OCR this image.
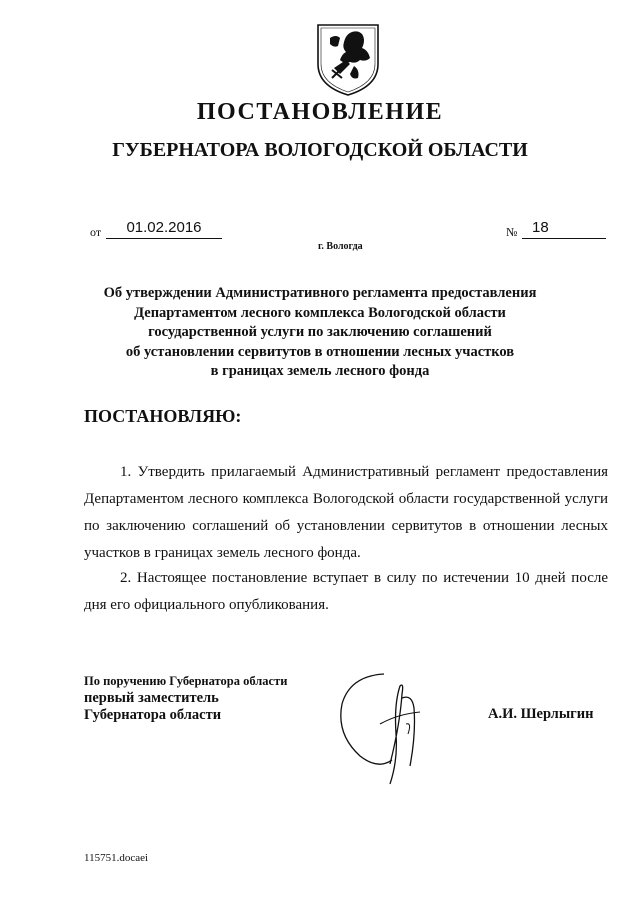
ПОСТАНОВЛЕНИЕ
ГУБЕРНАТОРА ВОЛОГОДСКОЙ ОБЛАСТИ
от	01.02.2016	№ 18
г. Вологда
Об утверждении Административного регламента предоставления
Департаментом лесного комплекса Вологодской области
государственной услуги по заключению соглашений
об установлении сервитутов в отношении лесных участков
в границах земель лесного фонда
ПОСТАНОВЛЯЮ:
1. Утвердить прилагаемый Административный регламент предоставления Департаментом лесного комплекса Вологодской области государственной услуги по заключению соглашений об установлении сервитутов в отношении лесных участков в границах земель лесного фонда.
2. Настоящее постановление вступает в силу по истечении 10 дней после дня его официального опубликования.
По поручению Губернатора области
первый заместитель
Губернатора области	А.И. Шерлыгин
115751.docaei
